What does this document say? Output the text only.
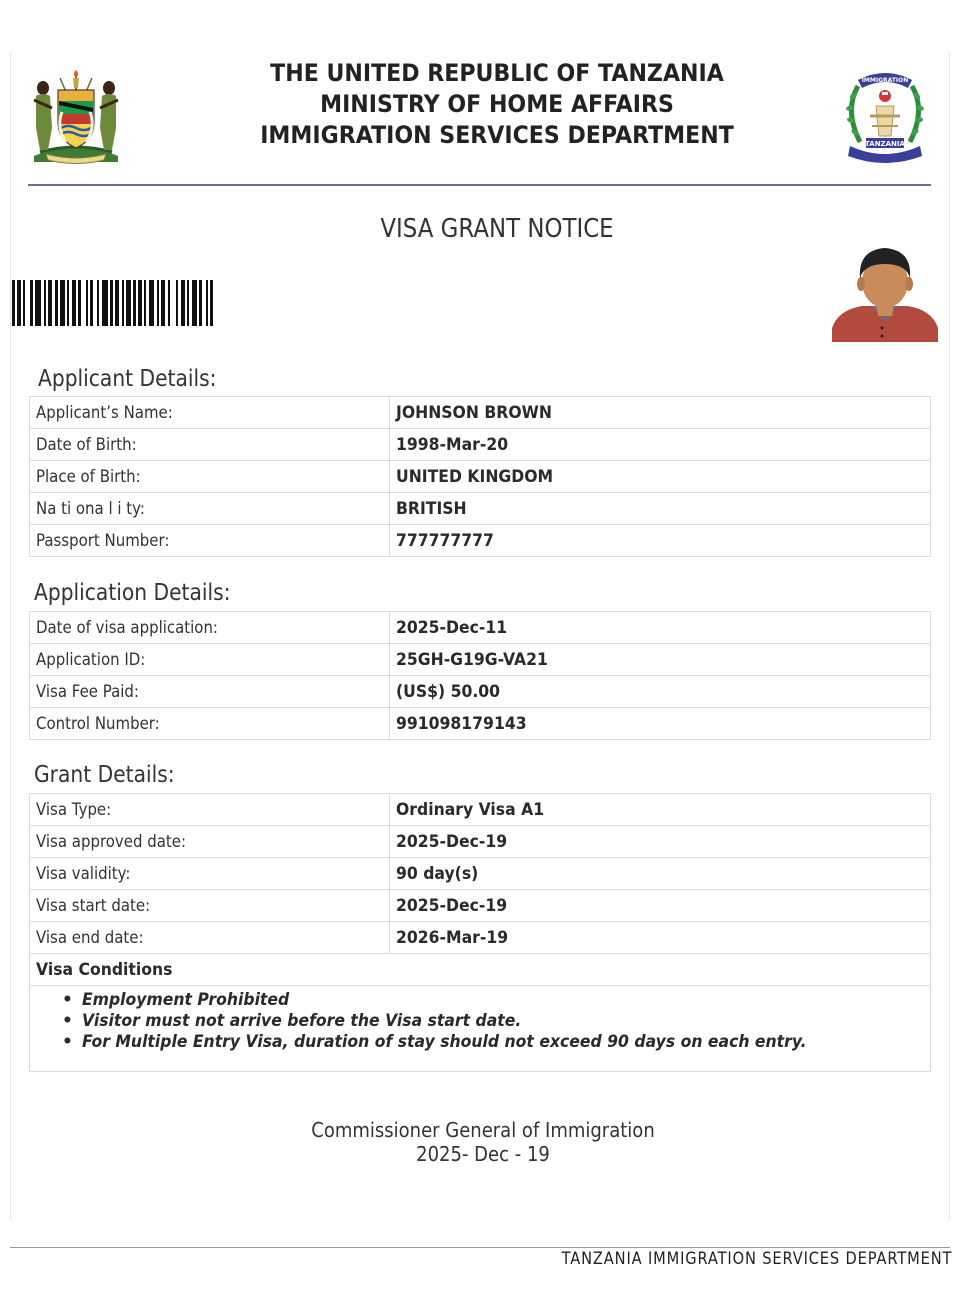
THE UNITED REPUBLIC OF TANZANIA
MINISTRY OF HOME AFFAIRS
IMMIGRATION SERVICES DEPARTMENT
IMMIGRATION
TANZANIA
VISA GRANT NOTICE
Applicant Details:
Applicant’s Name:	JOHNSON BROWN
Date of Birth:	1998-Mar-20
Place of Birth:	UNITED KINGDOM
Na ti ona l i ty:	BRITISH
Passport Number:	777777777
Application Details:
Date of visa application:	2025-Dec-11
Application ID:	25GH-G19G-VA21
Visa Fee Paid:	(US$) 50.00
Control Number:	991098179143
Grant Details:
Visa Type:	Ordinary Visa A1
Visa approved date:	2025-Dec-19
Visa validity:	90 day(s)
Visa start date:	2025-Dec-19
Visa end date:	2026-Mar-19
Visa Conditions
• Employment Prohibited
• Visitor must not arrive before the Visa start date.
• For Multiple Entry Visa, duration of stay should not exceed 90 days on each entry.
Commissioner General of Immigration
2025- Dec - 19
TANZANIA IMMIGRATION SERVICES DEPARTMENT
